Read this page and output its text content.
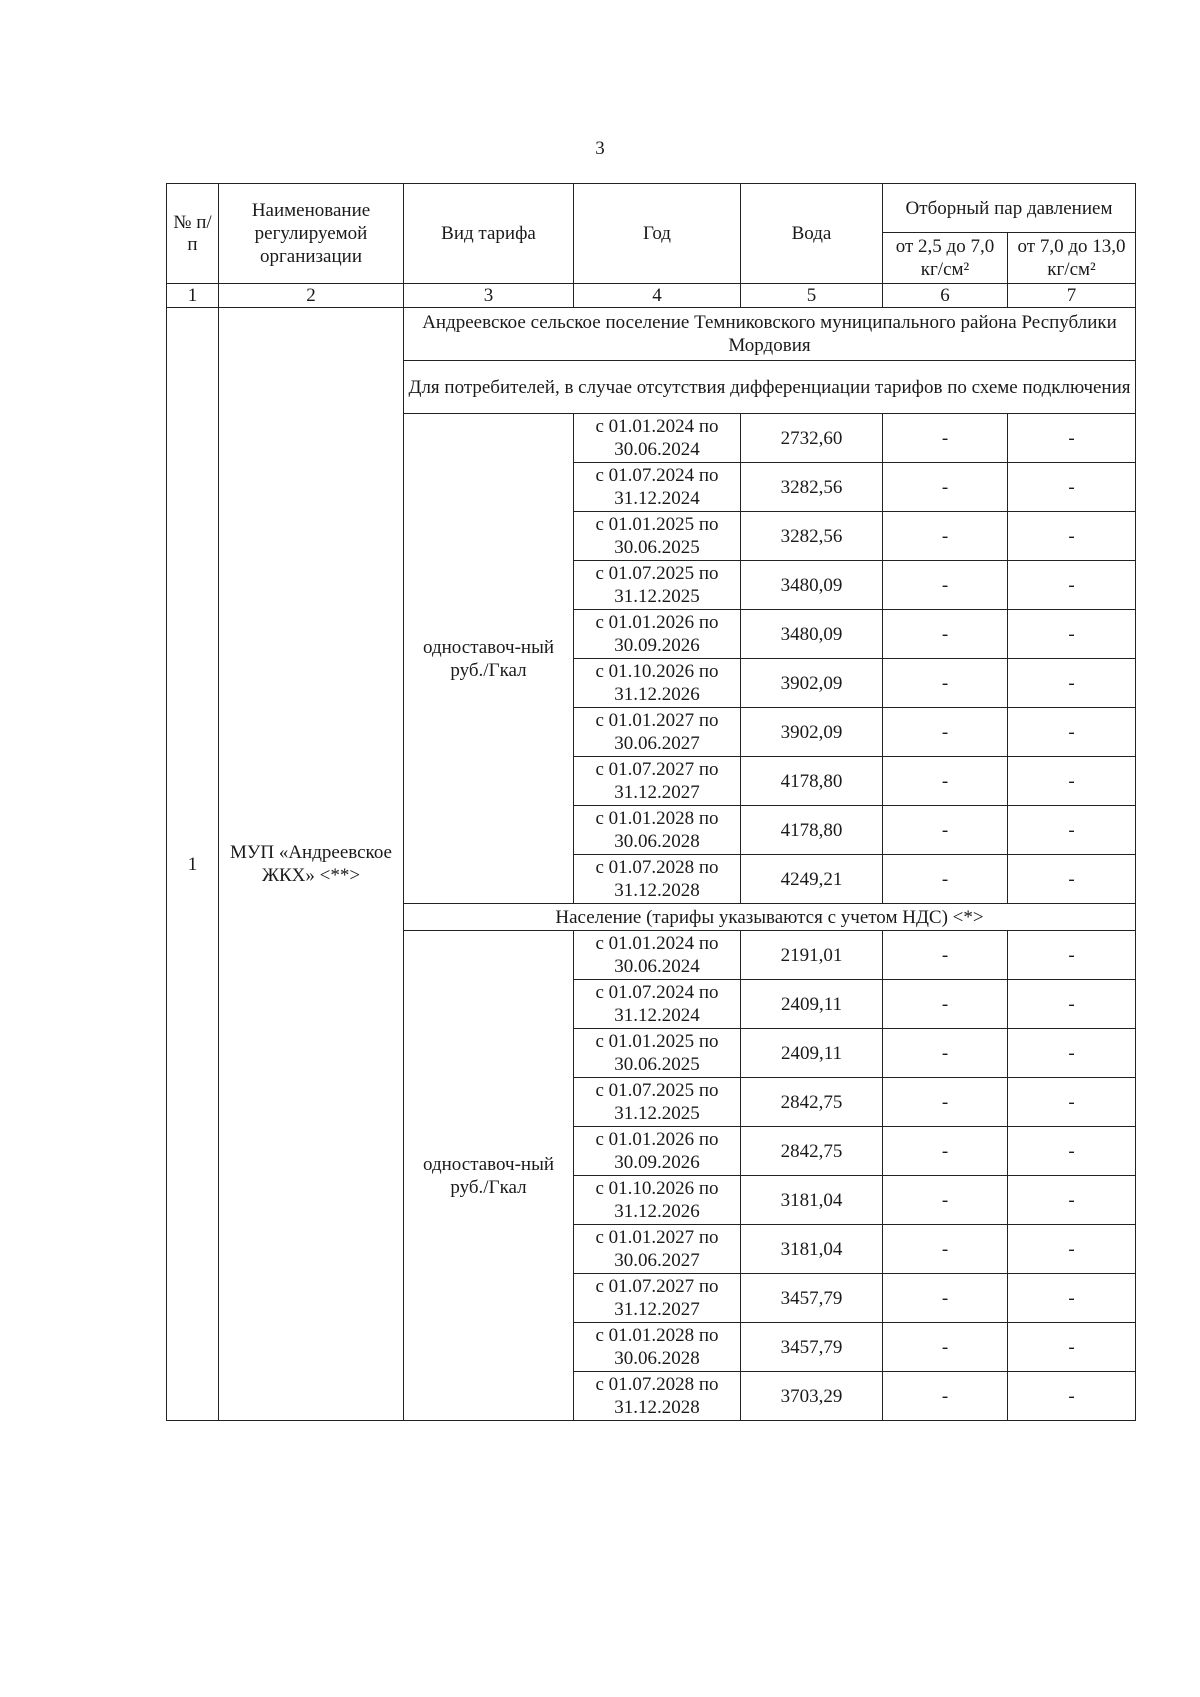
3
№ п/п	Наименование регулируемой организации	Вид тарифа	Год	Вода	Отборный пар давлением	
					от 2,5 до 7,0 кг/см²	от 7,0 до 13,0 кг/см²
1	2	3	4	5	6	7
1	МУП «Андреевское ЖКХ» <**>	Андреевское сельское поселение Темниковского муниципального района Республики Мордовия				
		Для потребителей, в случае отсутствия дифференциации тарифов по схеме подключения				
		одноставоч-ный руб./Гкал	с 01.01.2024 по 30.06.2024	2732,60	-	-
			с 01.07.2024 по 31.12.2024	3282,56	-	-
			с 01.01.2025 по 30.06.2025	3282,56	-	-
			с 01.07.2025 по 31.12.2025	3480,09	-	-
			с 01.01.2026 по 30.09.2026	3480,09	-	-
			с 01.10.2026 по 31.12.2026	3902,09	-	-
			с 01.01.2027 по 30.06.2027	3902,09	-	-
			с 01.07.2027 по 31.12.2027	4178,80	-	-
			с 01.01.2028 по 30.06.2028	4178,80	-	-
			с 01.07.2028 по 31.12.2028	4249,21	-	-
		Население (тарифы указываются с учетом НДС) <*>				
		одноставоч-ный руб./Гкал	с 01.01.2024 по 30.06.2024	2191,01	-	-
			с 01.07.2024 по 31.12.2024	2409,11	-	-
			с 01.01.2025 по 30.06.2025	2409,11	-	-
			с 01.07.2025 по 31.12.2025	2842,75	-	-
			с 01.01.2026 по 30.09.2026	2842,75	-	-
			с 01.10.2026 по 31.12.2026	3181,04	-	-
			с 01.01.2027 по 30.06.2027	3181,04	-	-
			с 01.07.2027 по 31.12.2027	3457,79	-	-
			с 01.01.2028 по 30.06.2028	3457,79	-	-
			с 01.07.2028 по 31.12.2028	3703,29	-	-
